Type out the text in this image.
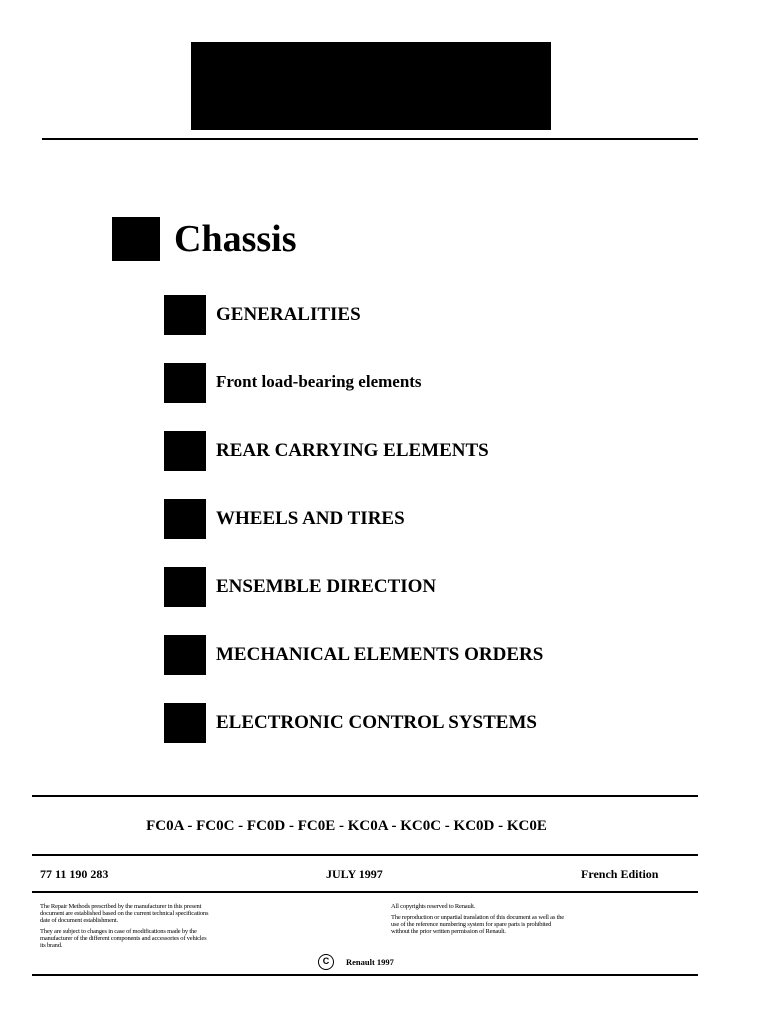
Chassis
GENERALITIES
Front load-bearing elements
REAR CARRYING ELEMENTS
WHEELS AND TIRES
ENSEMBLE DIRECTION
MECHANICAL ELEMENTS ORDERS
ELECTRONIC CONTROL SYSTEMS
FC0A - FC0C - FC0D - FC0E - KC0A - KC0C - KC0D - KC0E
77 11 190 283	JULY 1997	French Edition

The Repair Methods prescribed by the manufacturer in this present document are established based on the current technical specifications date of document establishment.

They are subject to changes in case of modifications made by the manufacturer of the different components and accessories of vehicles its brand.

All copyrights reserved to Renault.

The reproduction or unpartial translation of this document as well as the use of the reference numbering system for spare parts is prohibited without the prior written permission of Renault.

C	Renault 1997
